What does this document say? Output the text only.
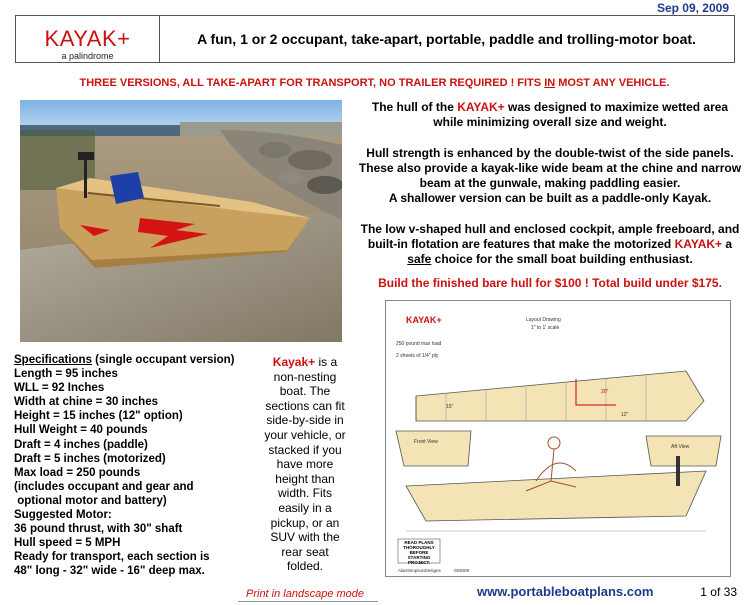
Sep 09, 2009
KAYAK+
a palindrome
A fun, 1 or 2 occupant, take-apart, portable, paddle and trolling-motor boat.
THREE VERSIONS, ALL TAKE-APART FOR TRANSPORT, NO TRAILER REQUIRED ! FITS IN MOST ANY VEHICLE.

The hull of the KAYAK+ was designed to maximize wetted area while minimizing overall size and weight.

Hull strength is enhanced by the double-twist of the side panels. These also provide a kayak-like wide beam at the chine and narrow beam at the gunwale, making paddling easier.
A shallower version can be built as a paddle-only Kayak.

The low v-shaped hull and enclosed cockpit, ample freeboard, and built-in flotation are features that make the motorized KAYAK+ a safe choice for the small boat building enthusiast.

Build the finished bare hull for $100 ! Total build under $175.
KAYAK+	Layout Drawing
1" to 1' scale
250 pound max load
2 sheets of 1/4" ply
15"
12"
20"
Front View
Aft View
READ PLANS THOROUGHLY BEFORE STARTING PROJECT.
AlanSimpsonDesigns	083009
Specifications (single occupant version)
Length = 95 inches
WLL = 92 Inches
Width at chine = 30 inches
Height = 15 inches (12" option)
Hull Weight = 40 pounds
Draft = 4 inches (paddle)
Draft = 5 inches (motorized)
Max load = 250 pounds
(includes occupant and gear and
optional motor and battery)
Suggested Motor:
36 pound thrust, with 30" shaft
Hull speed = 5 MPH
Ready for transport, each section is
48" long - 32" wide - 16" deep max.
Kayak+ is a non-nesting boat. The sections can fit side-by-side in your vehicle, or stacked if you have more height than width. Fits easily in a pickup, or an SUV with the rear seat folded.
Print in landscape mode	www.portableboatplans.com	1 of 33
